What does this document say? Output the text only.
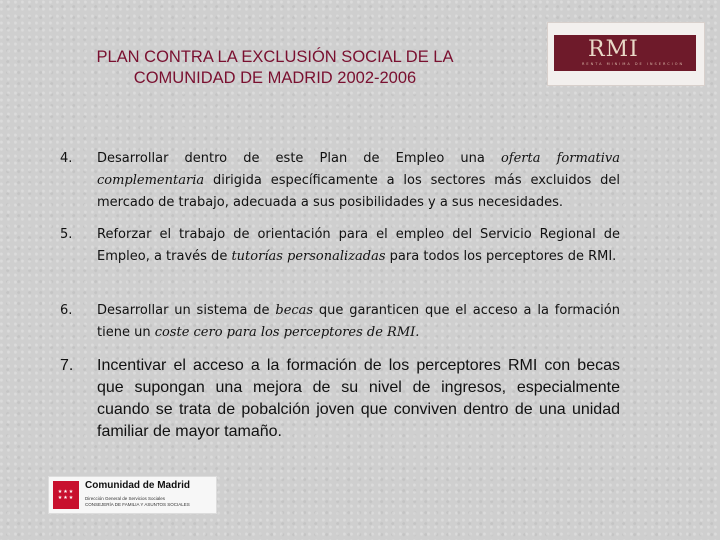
PLAN CONTRA LA EXCLUSIÓN SOCIAL DE LA
COMUNIDAD DE MADRID 2002-2006
RMI
RENTA MINIMA DE INSERCION
4. Desarrollar dentro de este Plan de Empleo una oferta formativa complementaria dirigida específicamente a los sectores más excluidos del mercado de trabajo, adecuada a sus posibilidades y a sus necesidades.
5. Reforzar el trabajo de orientación para el empleo del Servicio Regional de Empleo, a través de tutorías personalizadas para todos los perceptores de RMI.
6. Desarrollar un sistema de becas que garanticen que el acceso a la formación tiene un coste cero para los perceptores de RMI.
7. Incentivar el acceso a la formación de los perceptores RMI con becas que supongan una mejora de su nivel de ingresos, especialmente cuando se trata de pobalción joven que conviven dentro de una unidad familiar de mayor tamaño.
★★★
★★★
Comunidad de Madrid
Dirección General de Servicios Sociales
CONSEJERÍA DE FAMILIA Y ASUNTOS SOCIALES
